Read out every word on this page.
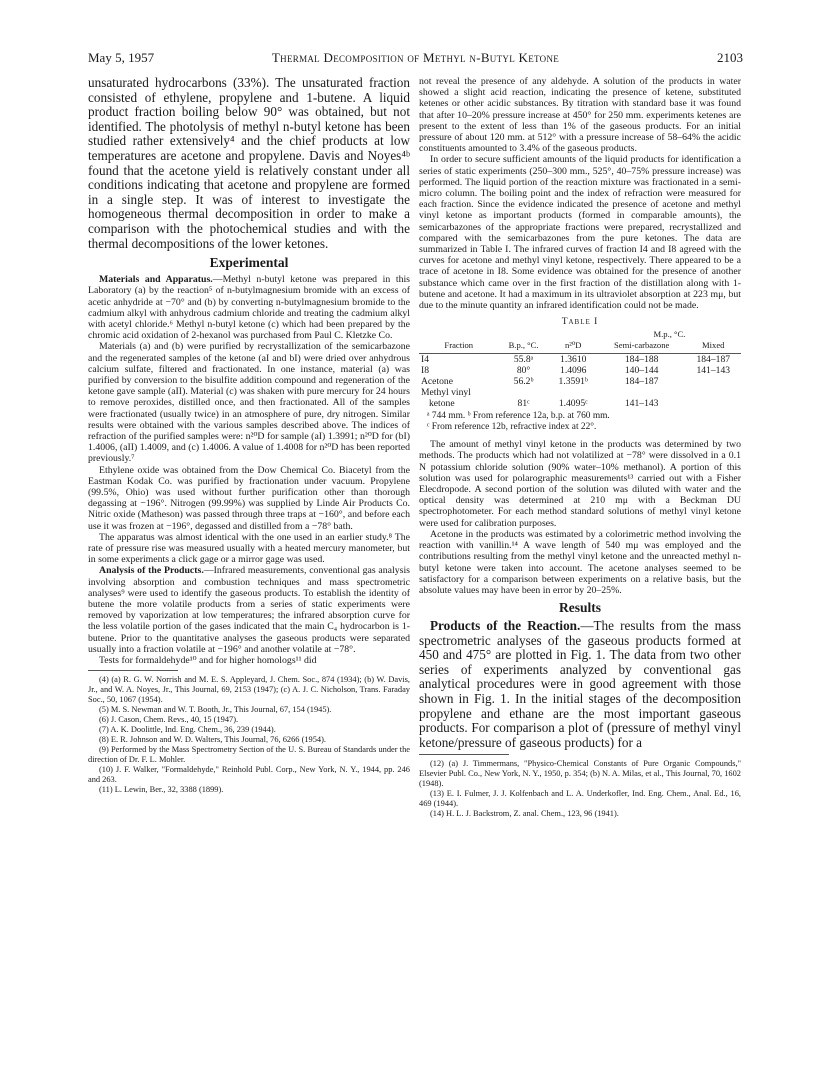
May 5, 1957	Thermal Decomposition of Methyl n-Butyl Ketone	2103

unsaturated hydrocarbons (33%). The unsaturated fraction consisted of ethylene, propylene and 1-butene. A liquid product fraction boiling below 90° was obtained, but not identified. The photolysis of methyl n-butyl ketone has been studied rather extensively⁴ and the chief products at low temperatures are acetone and propylene. Davis and Noyes⁴ᵇ found that the acetone yield is relatively constant under all conditions indicating that acetone and propylene are formed in a single step. It was of interest to investigate the homogeneous thermal decomposition in order to make a comparison with the photochemical studies and with the thermal decompositions of the lower ketones.

Experimental

Materials and Apparatus.—Methyl n-butyl ketone was prepared in this Laboratory (a) by the reaction⁵ of n-butylmagnesium bromide with an excess of acetic anhydride at −70° and (b) by converting n-butylmagnesium bromide to the cadmium alkyl with anhydrous cadmium chloride and treating the cadmium alkyl with acetyl chloride.⁶ Methyl n-butyl ketone (c) which had been prepared by the chromic acid oxidation of 2-hexanol was purchased from Paul C. Kletzke Co.

Materials (a) and (b) were purified by recrystallization of the semicarbazone and the regenerated samples of the ketone (aI and bI) were dried over anhydrous calcium sulfate, filtered and fractionated. In one instance, material (a) was purified by conversion to the bisulfite addition compound and regeneration of the ketone gave sample (aII). Material (c) was shaken with pure mercury for 24 hours to remove peroxides, distilled once, and then fractionated. All of the samples were fractionated (usually twice) in an atmosphere of pure, dry nitrogen. Similar results were obtained with the various samples described above. The indices of refraction of the purified samples were: n²⁰D for sample (aI) 1.3991; n²⁰D for (bI) 1.4006, (aII) 1.4009, and (c) 1.4006. A value of 1.4008 for n²⁰D has been reported previously.⁷

Ethylene oxide was obtained from the Dow Chemical Co. Biacetyl from the Eastman Kodak Co. was purified by fractionation under vacuum. Propylene (99.5%, Ohio) was used without further purification other than thorough degassing at −196°. Nitrogen (99.99%) was supplied by Linde Air Products Co. Nitric oxide (Matheson) was passed through three traps at −160°, and before each use it was frozen at −196°, degassed and distilled from a −78° bath.

The apparatus was almost identical with the one used in an earlier study.⁸ The rate of pressure rise was measured usually with a heated mercury manometer, but in some experiments a click gage or a mirror gage was used.

Analysis of the Products.—Infrared measurements, conventional gas analysis involving absorption and combustion techniques and mass spectrometric analyses⁹ were used to identify the gaseous products. To establish the identity of butene the more volatile products from a series of static experiments were removed by vaporization at low temperatures; the infrared absorption curve for the less volatile portion of the gases indicated that the main C₄ hydrocarbon is 1-butene. Prior to the quantitative analyses the gaseous products were separated usually into a fraction volatile at −196° and another volatile at −78°.

Tests for formaldehyde¹⁰ and for higher homologs¹¹ did

(4) (a) R. G. W. Norrish and M. E. S. Appleyard, J. Chem. Soc., 874 (1934); (b) W. Davis, Jr., and W. A. Noyes, Jr., This Journal, 69, 2153 (1947); (c) A. J. C. Nicholson, Trans. Faraday Soc., 50, 1067 (1954).

(5) M. S. Newman and W. T. Booth, Jr., This Journal, 67, 154 (1945).

(6) J. Cason, Chem. Revs., 40, 15 (1947).

(7) A. K. Doolittle, Ind. Eng. Chem., 36, 239 (1944).

(8) E. R. Johnson and W. D. Walters, This Journal, 76, 6266 (1954).

(9) Performed by the Mass Spectrometry Section of the U. S. Bureau of Standards under the direction of Dr. F. L. Mohler.

(10) J. F. Walker, "Formaldehyde," Reinhold Publ. Corp., New York, N. Y., 1944, pp. 246 and 263.

(11) L. Lewin, Ber., 32, 3388 (1899).

not reveal the presence of any aldehyde. A solution of the products in water showed a slight acid reaction, indicating the presence of ketene, substituted ketenes or other acidic substances. By titration with standard base it was found that after 10–20% pressure increase at 450° for 250 mm. experiments ketenes are present to the extent of less than 1% of the gaseous products. For an initial pressure of about 120 mm. at 512° with a pressure increase of 58–64% the acidic constituents amounted to 3.4% of the gaseous products.

In order to secure sufficient amounts of the liquid products for identification a series of static experiments (250–300 mm., 525°, 40–75% pressure increase) was performed. The liquid portion of the reaction mixture was fractionated in a semi-micro column. The boiling point and the index of refraction were measured for each fraction. Since the evidence indicated the presence of acetone and methyl vinyl ketone as important products (formed in comparable amounts), the semicarbazones of the appropriate fractions were prepared, recrystallized and compared with the semicarbazones from the pure ketones. The data are summarized in Table I. The infrared curves of fraction I4 and I8 agreed with the curves for acetone and methyl vinyl ketone, respectively. There appeared to be a trace of acetone in I8. Some evidence was obtained for the presence of another substance which came over in the first fraction of the distillation along with 1-butene and acetone. It had a maximum in its ultraviolet absorption at 223 mμ, but due to the minute quantity an infrared identification could not be made.

Table I
Fraction	B.p., °C.	n²⁰D	M.p., °C.	
			Semi-carbazone	Mixed
I4	55.8ᵃ	1.3610	184–188	184–187
I8	80°	1.4096	140–144	141–143
Acetone	56.2ᵇ	1.3591ᵇ	184–187	
Methyl vinyl				
ketone	81ᶜ	1.4095ᶜ	141–143	

ᵃ 744 mm. ᵇ From reference 12a, b.p. at 760 mm.

ᶜ From reference 12b, refractive index at 22°.

The amount of methyl vinyl ketone in the products was determined by two methods. The products which had not volatilized at −78° were dissolved in a 0.1 N potassium chloride solution (90% water–10% methanol). A portion of this solution was used for polarographic measurements¹³ carried out with a Fisher Elecdropode. A second portion of the solution was diluted with water and the optical density was determined at 210 mμ with a Beckman DU spectrophotometer. For each method standard solutions of methyl vinyl ketone were used for calibration purposes.

Acetone in the products was estimated by a colorimetric method involving the reaction with vanillin.¹⁴ A wave length of 540 mμ was employed and the contributions resulting from the methyl vinyl ketone and the unreacted methyl n-butyl ketone were taken into account. The acetone analyses seemed to be satisfactory for a comparison between experiments on a relative basis, but the absolute values may have been in error by 20–25%.

Results

Products of the Reaction.—The results from the mass spectrometric analyses of the gaseous products formed at 450 and 475° are plotted in Fig. 1. The data from two other series of experiments analyzed by conventional gas analytical procedures were in good agreement with those shown in Fig. 1. In the initial stages of the decomposition propylene and ethane are the most important gaseous products. For comparison a plot of (pressure of methyl vinyl ketone/pressure of gaseous products) for a

(12) (a) J. Timmermans, "Physico-Chemical Constants of Pure Organic Compounds," Elsevier Publ. Co., New York, N. Y., 1950, p. 354; (b) N. A. Milas, et al., This Journal, 70, 1602 (1948).

(13) E. I. Fulmer, J. J. Kolfenbach and L. A. Underkofler, Ind. Eng. Chem., Anal. Ed., 16, 469 (1944).

(14) H. L. J. Backstrom, Z. anal. Chem., 123, 96 (1941).
